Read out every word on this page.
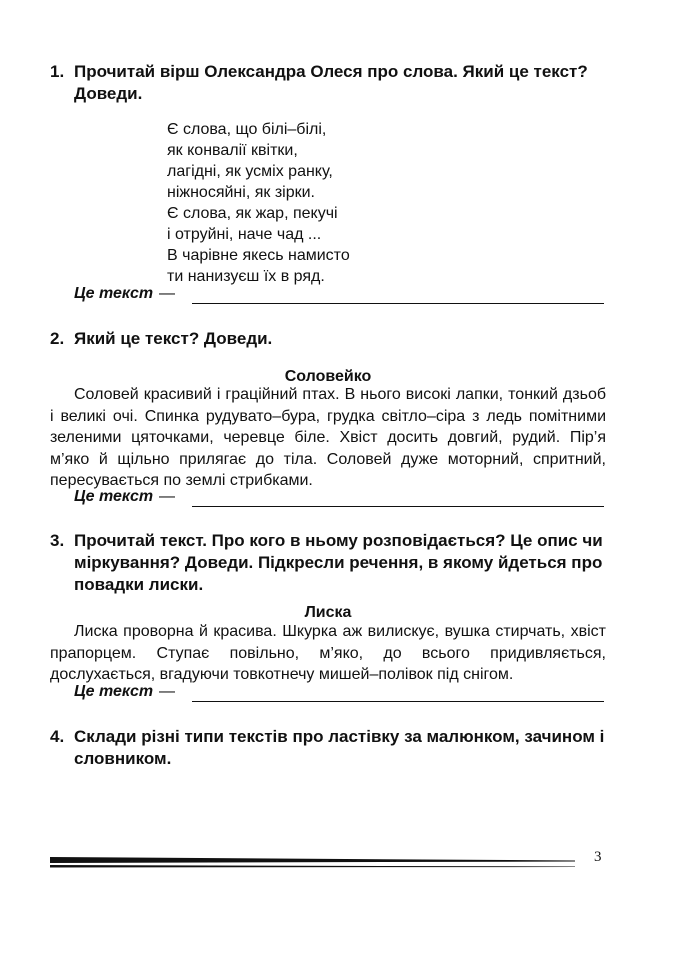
1. Прочитай вірш Олександра Олеся про слова. Який це текст? Доведи.
Є слова, що білі–білі,
як конвалії квітки,
лагідні, як усміх ранку,
ніжносяйні, як зірки.
Є слова, як жар, пекучі
і отруйні, наче чад ...
В чарівне якесь намисто
ти нанизуєш їх в ряд.
Це текст —
2. Який це текст? Доведи.
Соловейко
Соловей красивий і граційний птах. В нього високі лапки, тонкий дзьоб і великі очі. Спинка рудувато–бура, грудка світло–сіра з ледь помітними зеленими цяточками, черевце біле. Хвіст досить довгий, рудий. Пір’я м’яко й щільно прилягає до тіла. Соловей дуже моторний, спритний, пересувається по землі стрибками.
Це текст —
3. Прочитай текст. Про кого в ньому розповідається? Це опис чи міркування? Доведи. Підкресли речення, в якому йдеться про повадки лиски.
Лиска
Лиска проворна й красива. Шкурка аж вилискує, вушка стирчать, хвіст прапорцем. Ступає повільно, м’яко, до всього придивляється, дослухається, вгадуючи товкотнечу мишей–полівок під снігом.
Це текст —
4. Склади різні типи текстів про ластівку за малюнком, зачином і словником.
3
